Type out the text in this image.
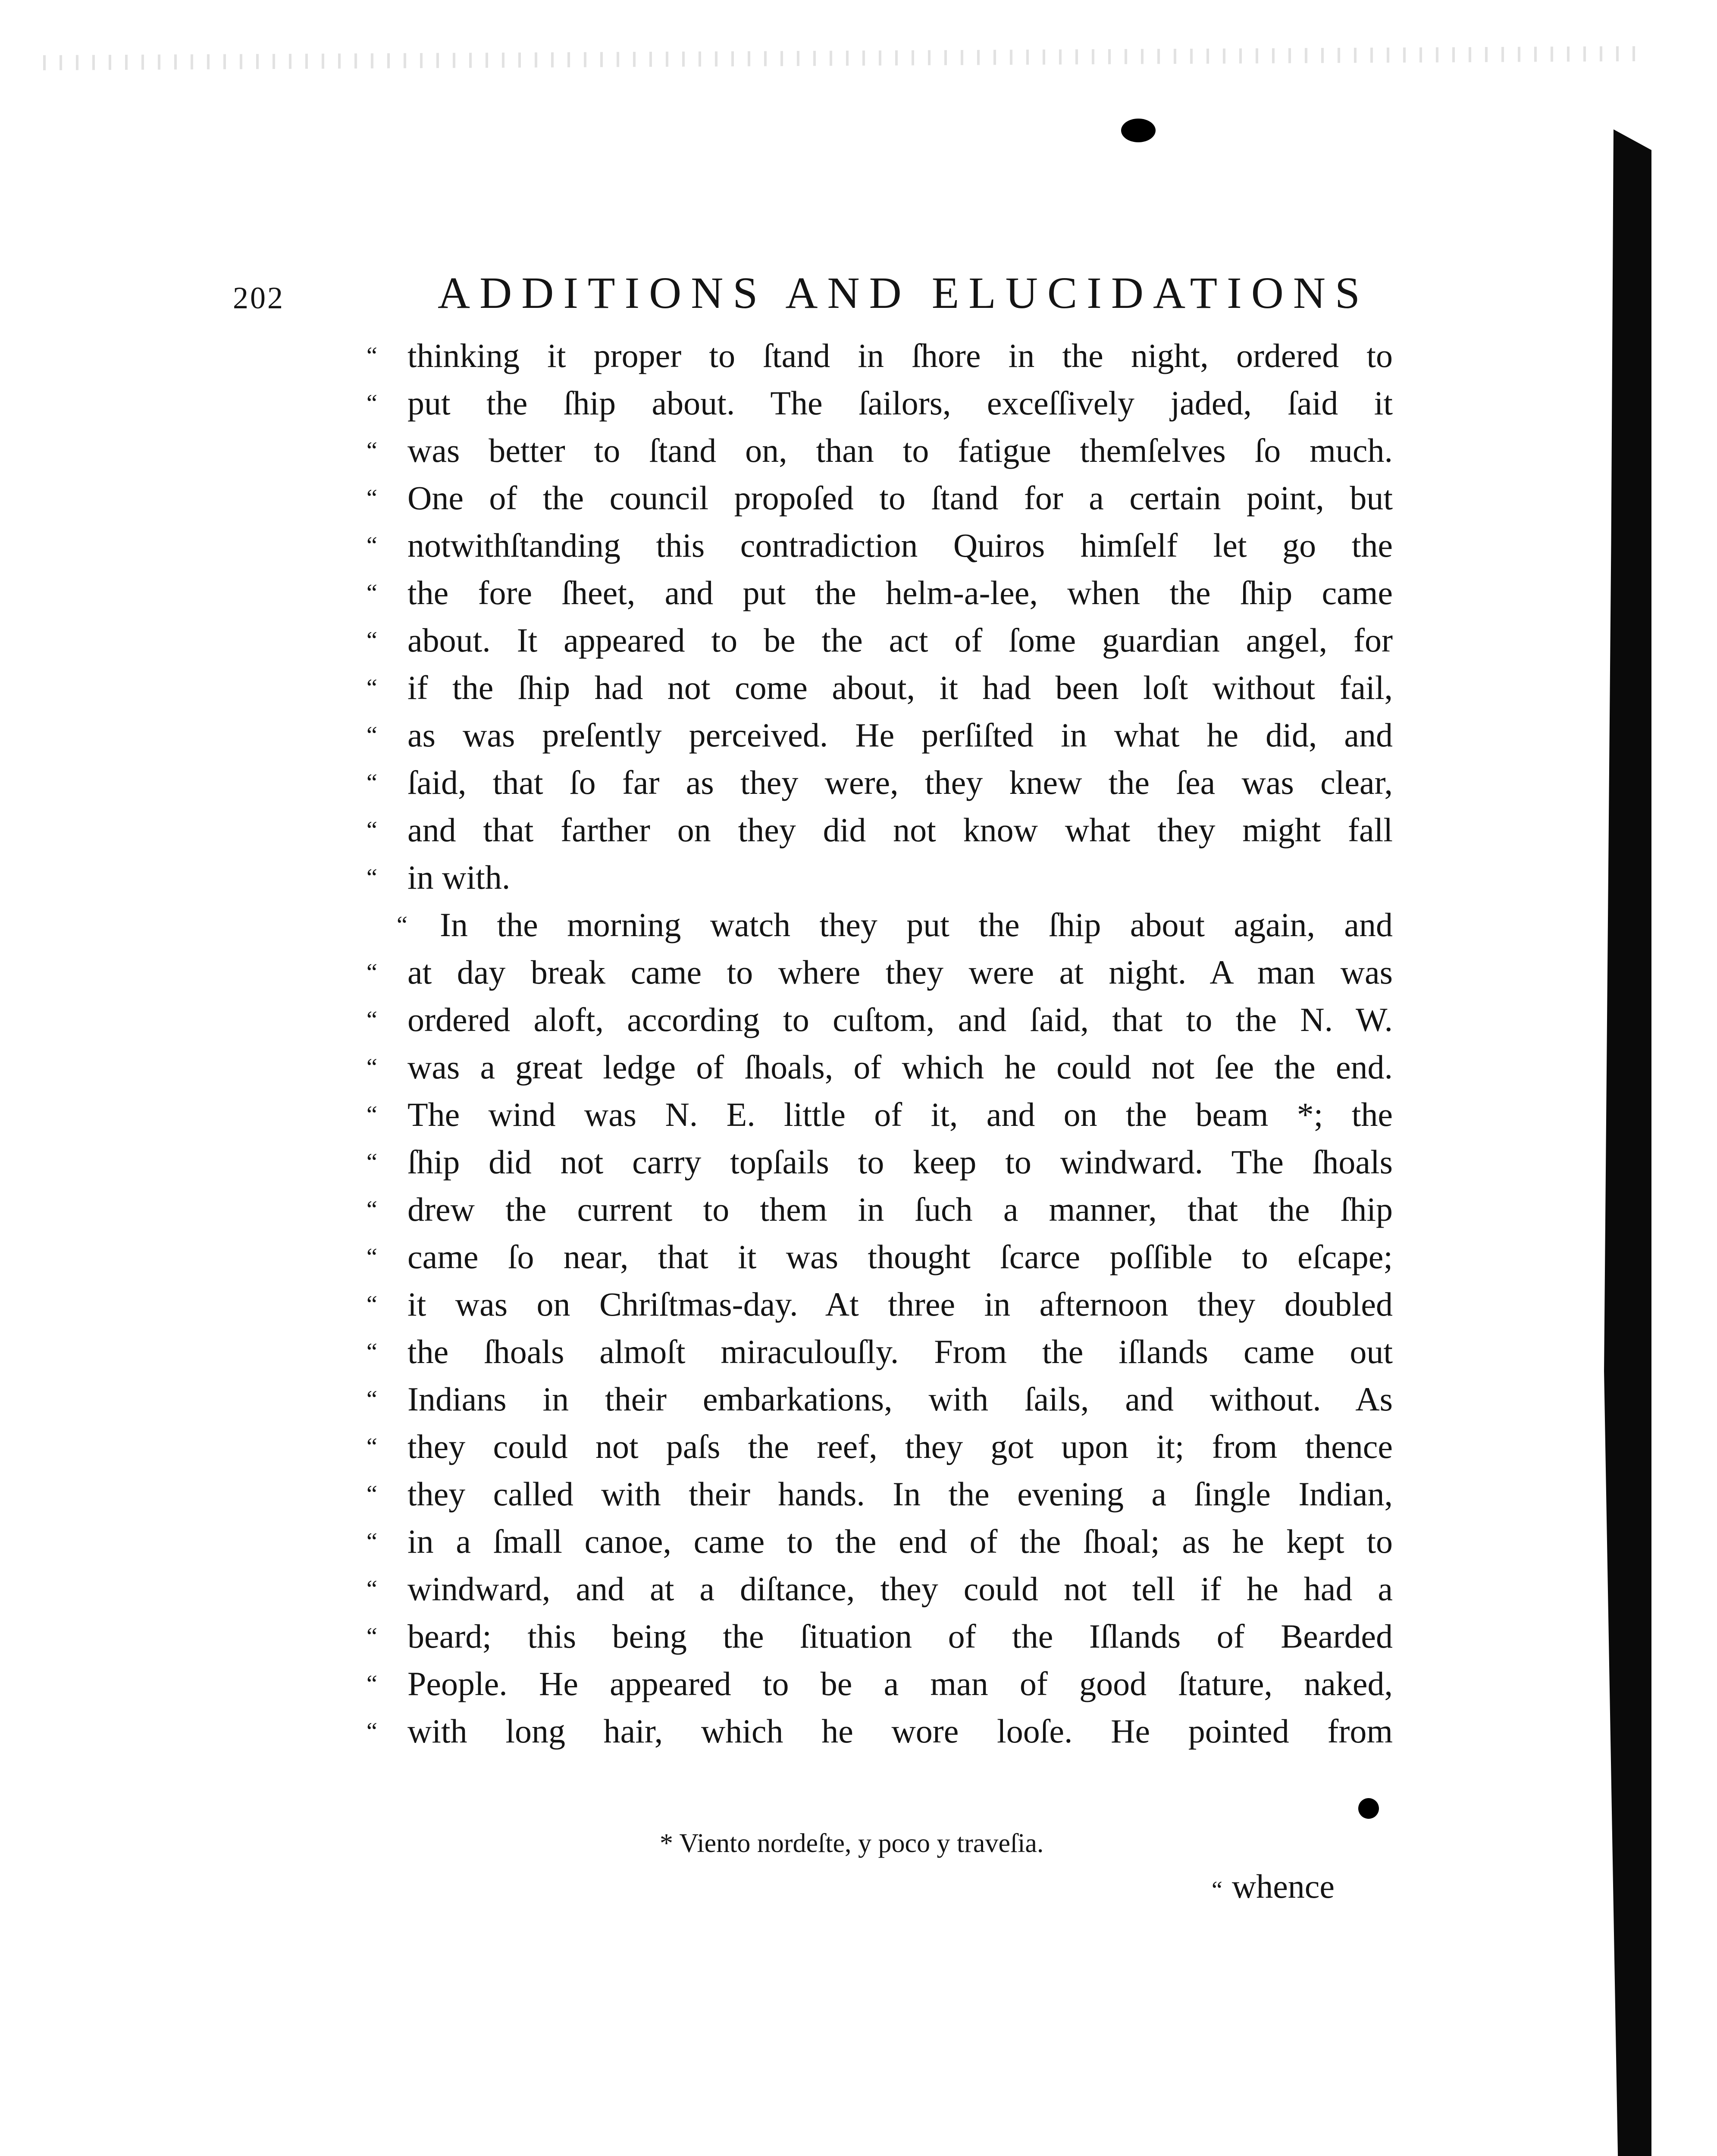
202	ADDITIONS AND ELUCIDATIONS
“ thinking it proper to ſtand in ſhore in the night, ordered to
“ put the ſhip about. The ſailors, exceſſively jaded, ſaid it
“ was better to ſtand on, than to fatigue themſelves ſo much.
“ One of the council propoſed to ſtand for a certain point, but
“ notwithſtanding this contradiction Quiros himſelf let go the
“ the fore ſheet, and put the helm-a-lee, when the ſhip came
“ about. It appeared to be the act of ſome guardian angel, for
“ if the ſhip had not come about, it had been loſt without fail,
“ as was preſently perceived. He perſiſted in what he did, and
“ ſaid, that ſo far as they were, they knew the ſea was clear,
“ and that farther on they did not know what they might fall
“ in with.
“ In the morning watch they put the ſhip about again, and
“ at day break came to where they were at night. A man was
“ ordered aloft, according to cuſtom, and ſaid, that to the N. W.
“ was a great ledge of ſhoals, of which he could not ſee the end.
“ The wind was N. E. little of it, and on the beam *; the
“ ſhip did not carry topſails to keep to windward. The ſhoals
“ drew the current to them in ſuch a manner, that the ſhip
“ came ſo near, that it was thought ſcarce poſſible to eſcape;
“ it was on Chriſtmas-day. At three in afternoon they doubled
“ the ſhoals almoſt miraculouſly. From the iſlands came out
“ Indians in their embarkations, with ſails, and without. As
“ they could not paſs the reef, they got upon it; from thence
“ they called with their hands. In the evening a ſingle Indian,
“ in a ſmall canoe, came to the end of the ſhoal; as he kept to
“ windward, and at a diſtance, they could not tell if he had a
“ beard; this being the ſituation of the Iſlands of Bearded
“ People. He appeared to be a man of good ſtature, naked,
“ with long hair, which he wore looſe. He pointed from
* Viento nordeſte, y poco y traveſia.
“ whence
